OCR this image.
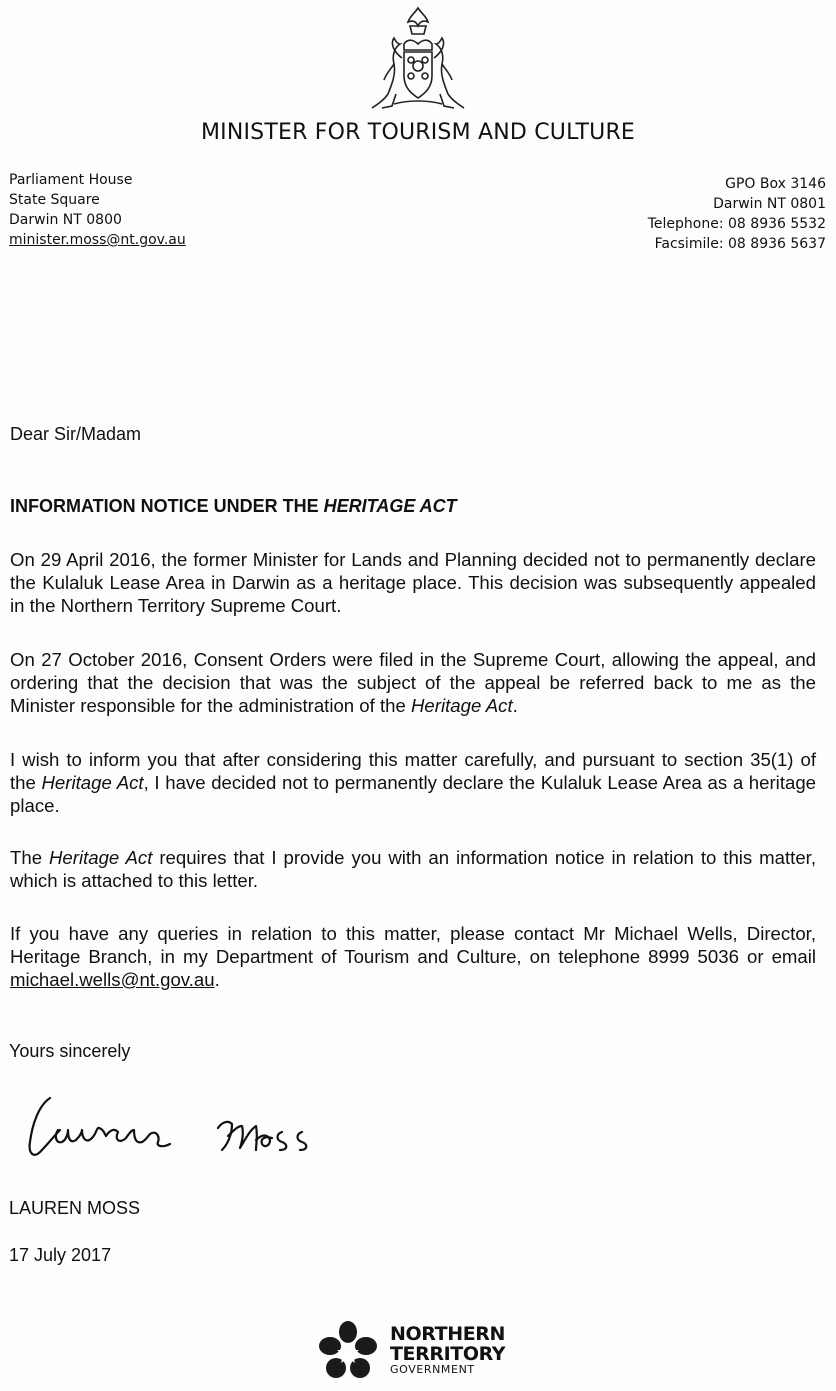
MINISTER FOR TOURISM AND CULTURE
Parliament House
State Square
Darwin NT 0800
minister.moss@nt.gov.au
GPO Box 3146
Darwin NT 0801
Telephone: 08 8936 5532
Facsimile: 08 8936 5637
Dear Sir/Madam
INFORMATION NOTICE UNDER THE HERITAGE ACT
On 29 April 2016, the former Minister for Lands and Planning decided not to permanently declare the Kulaluk Lease Area in Darwin as a heritage place. This decision was subsequently appealed in the Northern Territory Supreme Court.
On 27 October 2016, Consent Orders were filed in the Supreme Court, allowing the appeal, and ordering that the decision that was the subject of the appeal be referred back to me as the Minister responsible for the administration of the Heritage Act.
I wish to inform you that after considering this matter carefully, and pursuant to section 35(1) of the Heritage Act, I have decided not to permanently declare the Kulaluk Lease Area as a heritage place.
The Heritage Act requires that I provide you with an information notice in relation to this matter, which is attached to this letter.
If you have any queries in relation to this matter, please contact Mr Michael Wells, Director, Heritage Branch, in my Department of Tourism and Culture, on telephone 8999 5036 or email michael.wells@nt.gov.au.
Yours sincerely
LAUREN MOSS
17 July 2017
NORTHERN
TERRITORY
GOVERNMENT
